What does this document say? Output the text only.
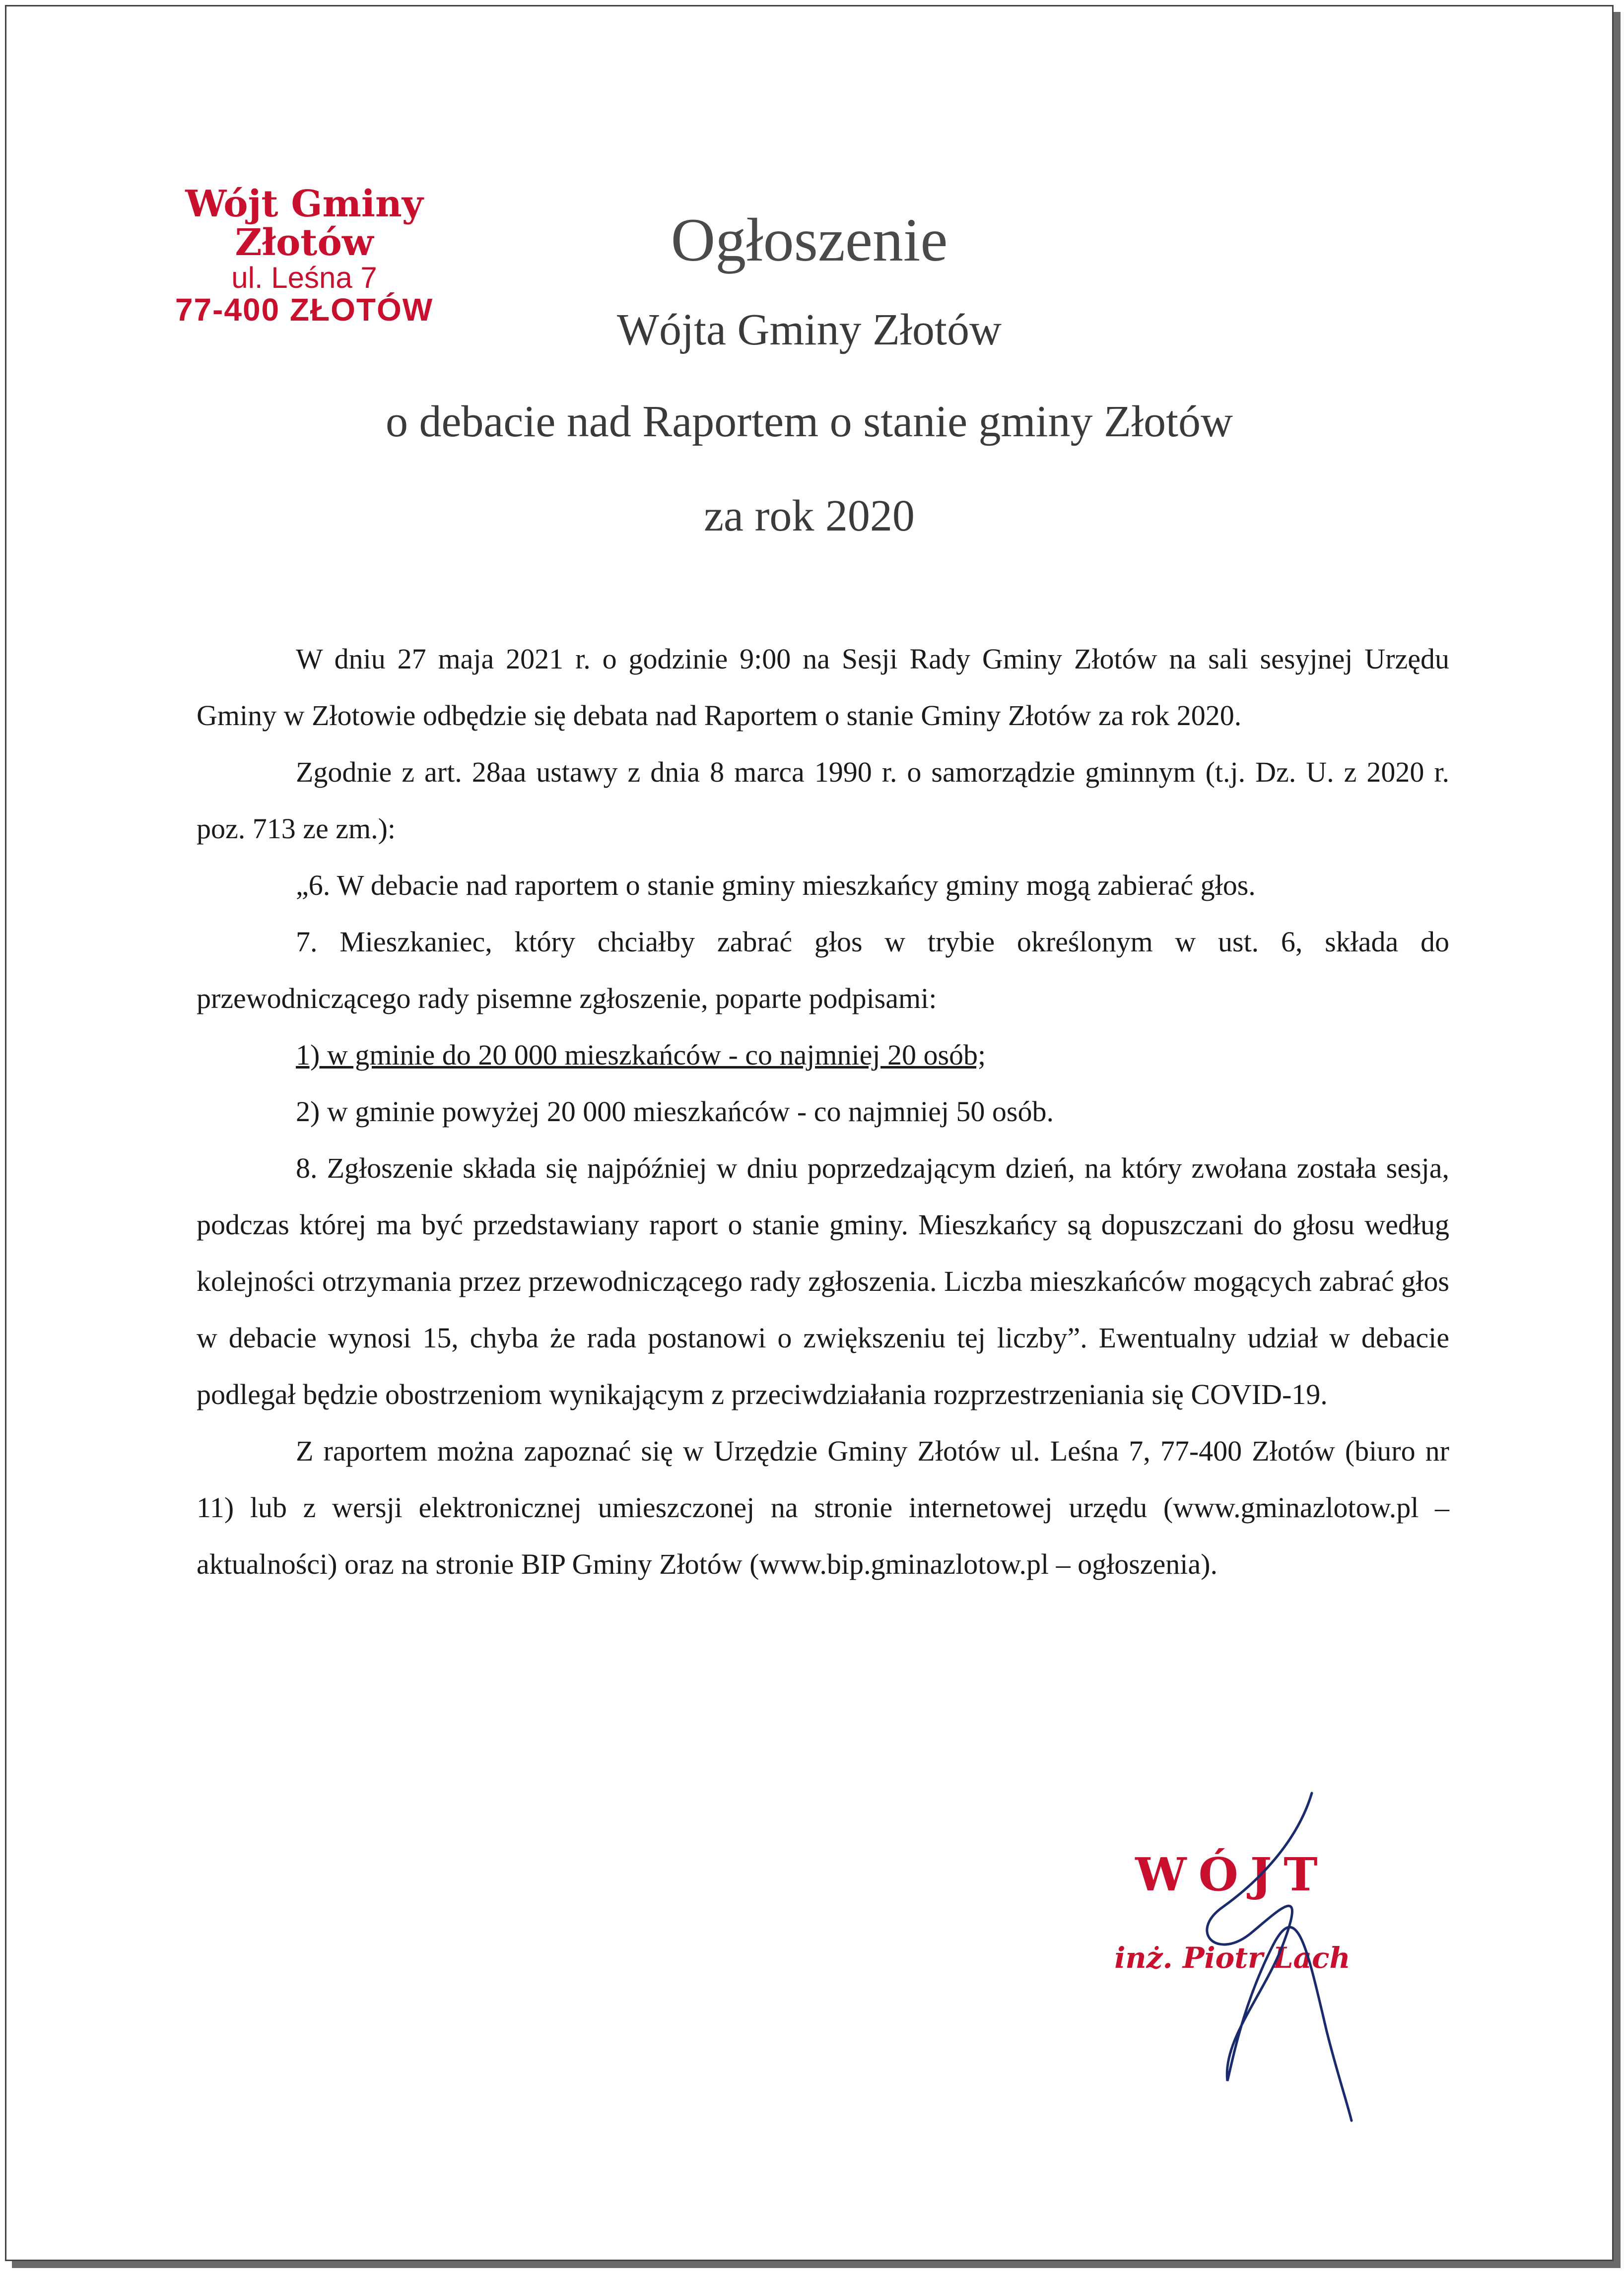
Wójt Gminy Złotów
ul. Leśna 7
77-400 ZŁOTÓW
Ogłoszenie
Wójta Gminy Złotów
o debacie nad Raportem o stanie gminy Złotów
za rok 2020

W dniu 27 maja 2021 r. o godzinie 9:00 na Sesji Rady Gminy Złotów na sali sesyjnej Urzędu Gminy w Złotowie odbędzie się debata nad Raportem o stanie Gminy Złotów za rok 2020.

Zgodnie z art. 28aa ustawy z dnia 8 marca 1990 r. o samorządzie gminnym (t.j. Dz. U. z 2020 r. poz. 713 ze zm.):

„6. W debacie nad raportem o stanie gminy mieszkańcy gminy mogą zabierać głos.

7. Mieszkaniec, który chciałby zabrać głos w trybie określonym w ust. 6, składa do przewodniczącego rady pisemne zgłoszenie, poparte podpisami:

1) w gminie do 20 000 mieszkańców - co najmniej 20 osób;

2) w gminie powyżej 20 000 mieszkańców - co najmniej 50 osób.

8. Zgłoszenie składa się najpóźniej w dniu poprzedzającym dzień, na który zwołana została sesja, podczas której ma być przedstawiany raport o stanie gminy. Mieszkańcy są dopuszczani do głosu według kolejności otrzymania przez przewodniczącego rady zgłoszenia. Liczba mieszkańców mogących zabrać głos w debacie wynosi 15, chyba że rada postanowi o zwiększeniu tej liczby”. Ewentualny udział w debacie podlegał będzie obostrzeniom wynikającym z przeciwdziałania rozprzestrzeniania się COVID-19.

Z raportem można zapoznać się w Urzędzie Gminy Złotów ul. Leśna 7, 77-400 Złotów (biuro nr 11) lub z wersji elektronicznej umieszczonej na stronie internetowej urzędu (www.gminazlotow.pl – aktualności) oraz na stronie BIP Gminy Złotów (www.bip.gminazlotow.pl – ogłoszenia).

WÓJT
inż. Piotr Lach
